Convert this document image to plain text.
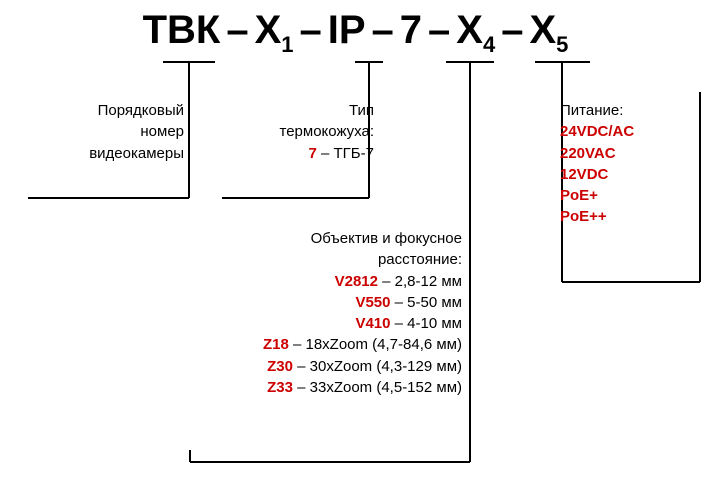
ТВК – $X_1$ – IP – $7 - X_4 - X_5$
Порядковый
номер
видеокамеры
Тип
термокожуха:
7 – ТГБ-7
Объектив и фокусное
расстояние:
V2812 – 2,8-12 мм
V550 – 5-50 мм
V410 – 4-10 мм
Z18 – 18xZoom (4,7-84,6 мм)
Z30 – 30xZoom (4,3-129 мм)
Z33 – 33xZoom (4,5-152 мм)
Питание:
24VDC/AC
220VAC
12VDC
PoE+
PoE++
